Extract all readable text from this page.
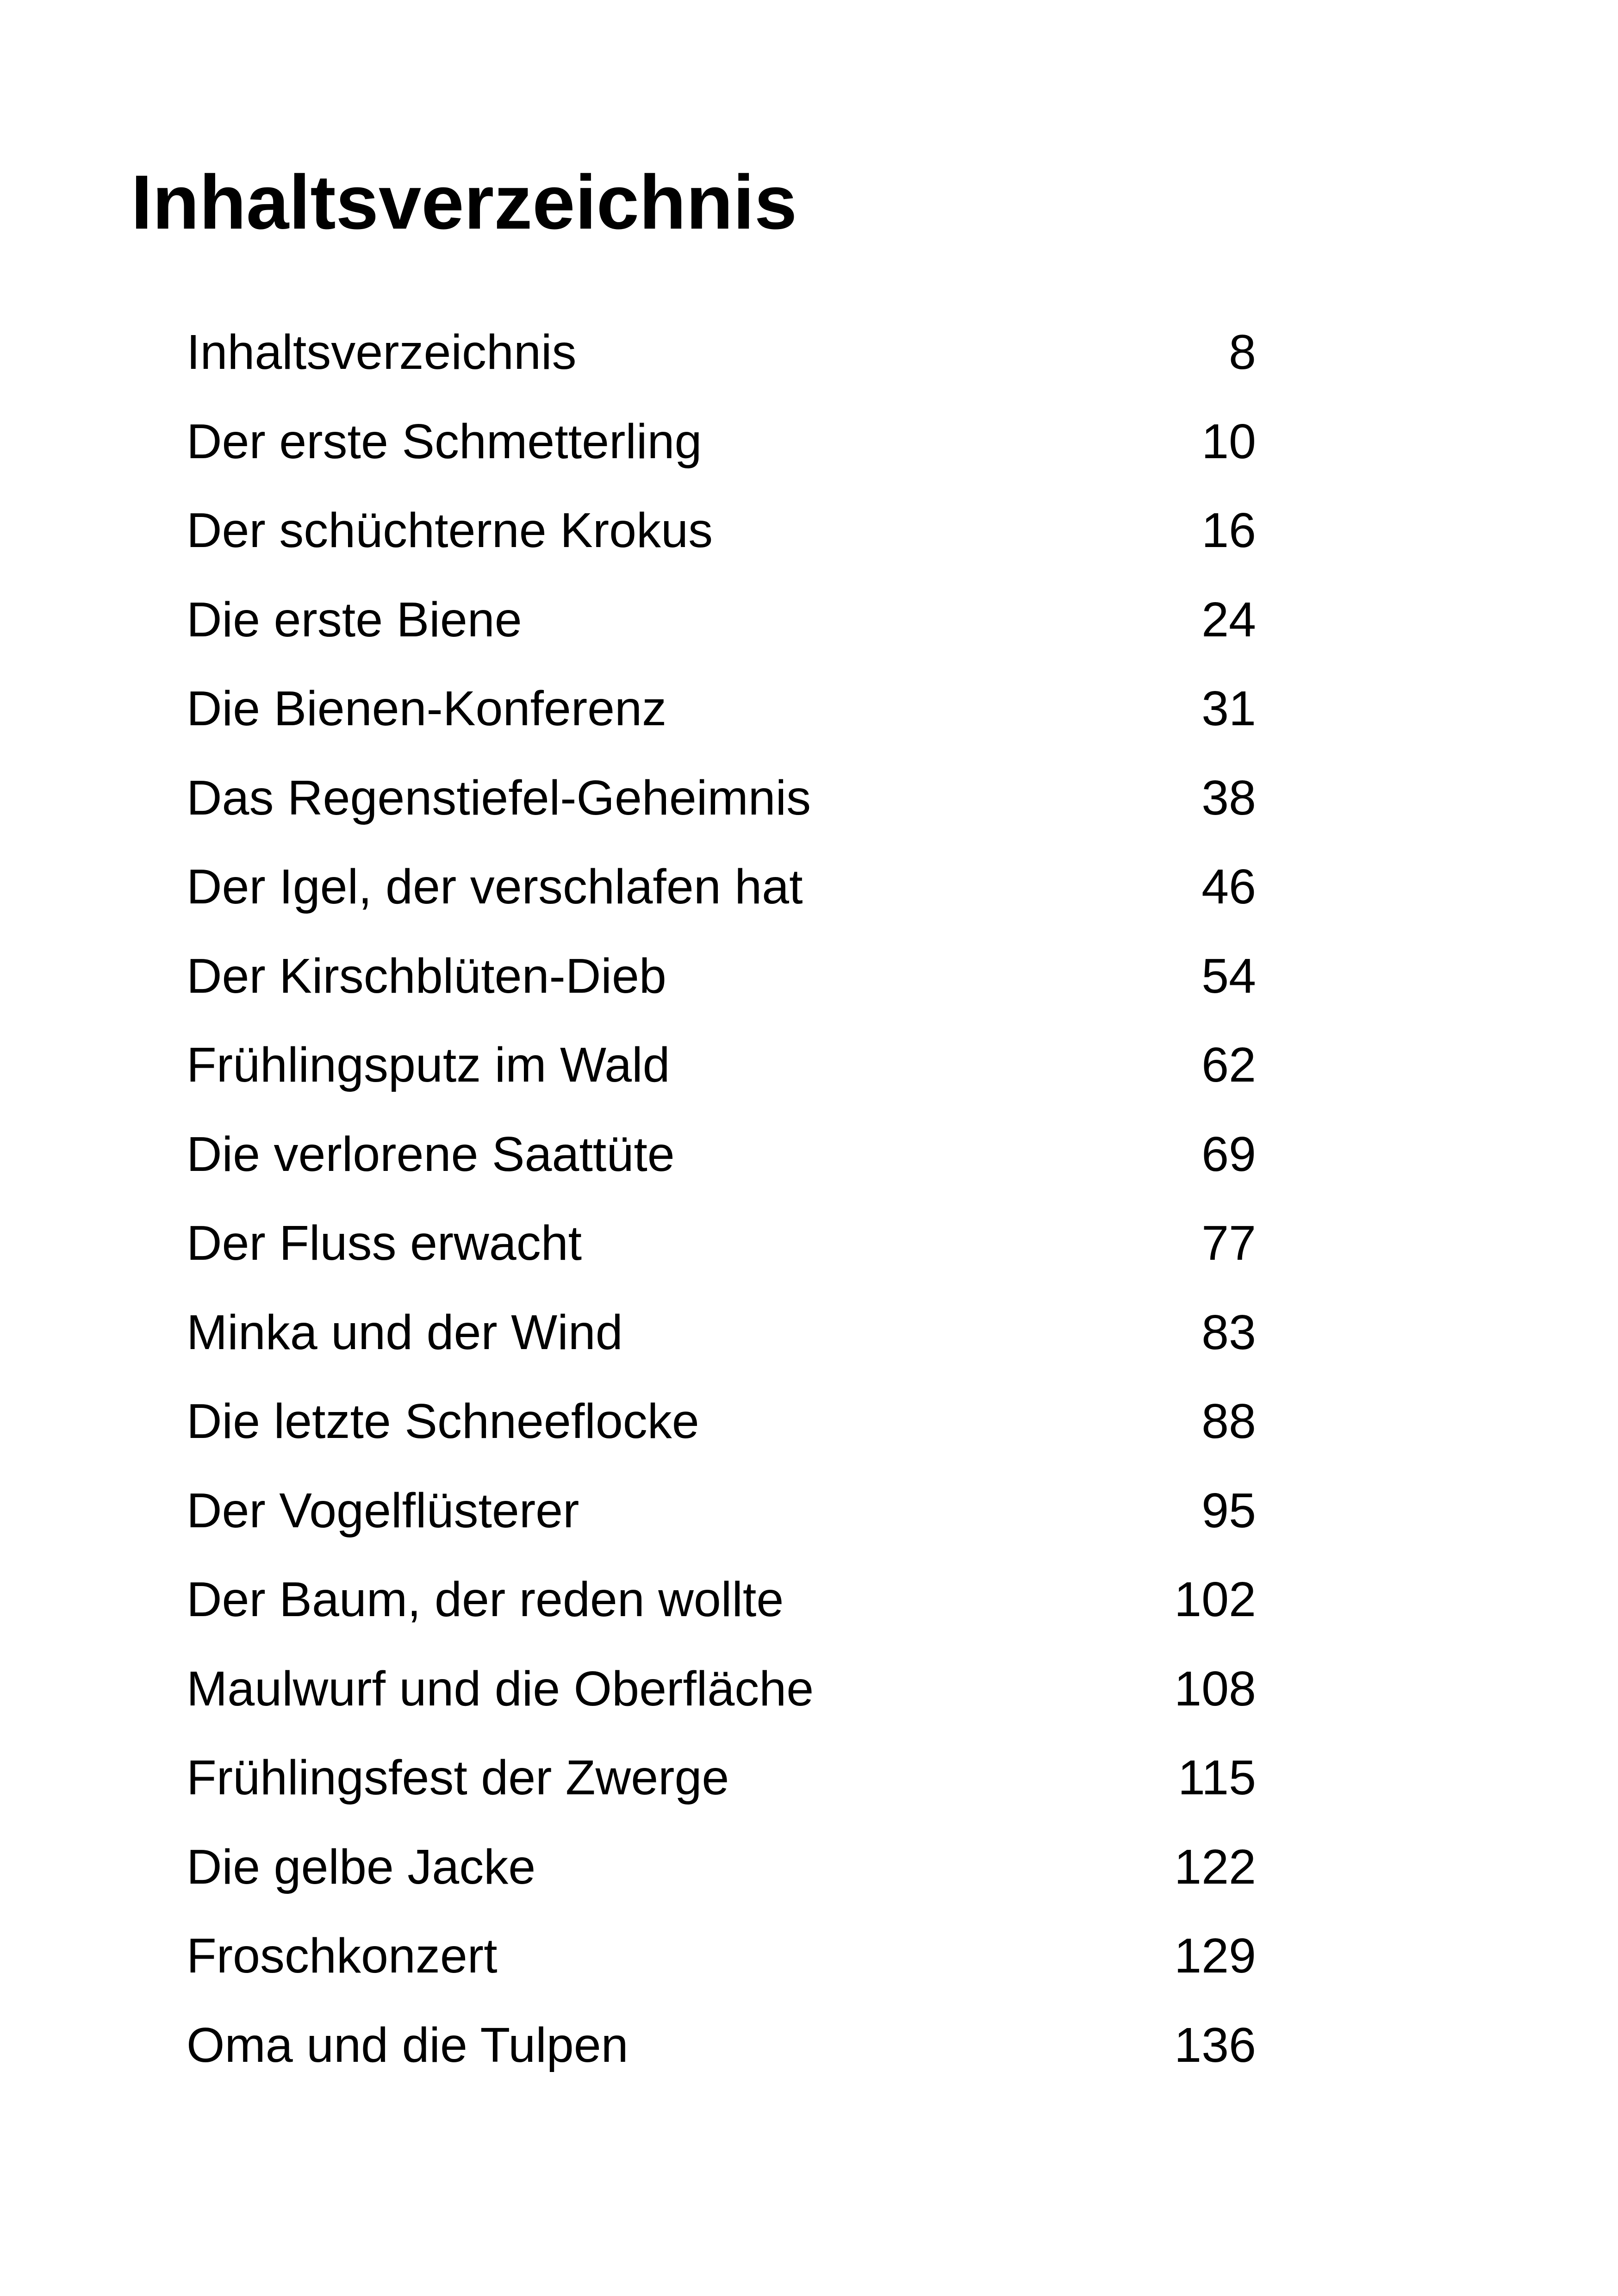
Inhaltsverzeichnis
Inhaltsverzeichnis	8
Der erste Schmetterling	10
Der schüchterne Krokus	16
Die erste Biene	24
Die Bienen-Konferenz	31
Das Regenstiefel-Geheimnis	38
Der Igel, der verschlafen hat	46
Der Kirschblüten-Dieb	54
Frühlingsputz im Wald	62
Die verlorene Saattüte	69
Der Fluss erwacht	77
Minka und der Wind	83
Die letzte Schneeflocke	88
Der Vogelflüsterer	95
Der Baum, der reden wollte	102
Maulwurf und die Oberfläche	108
Frühlingsfest der Zwerge	115
Die gelbe Jacke	122
Froschkonzert	129
Oma und die Tulpen	136
